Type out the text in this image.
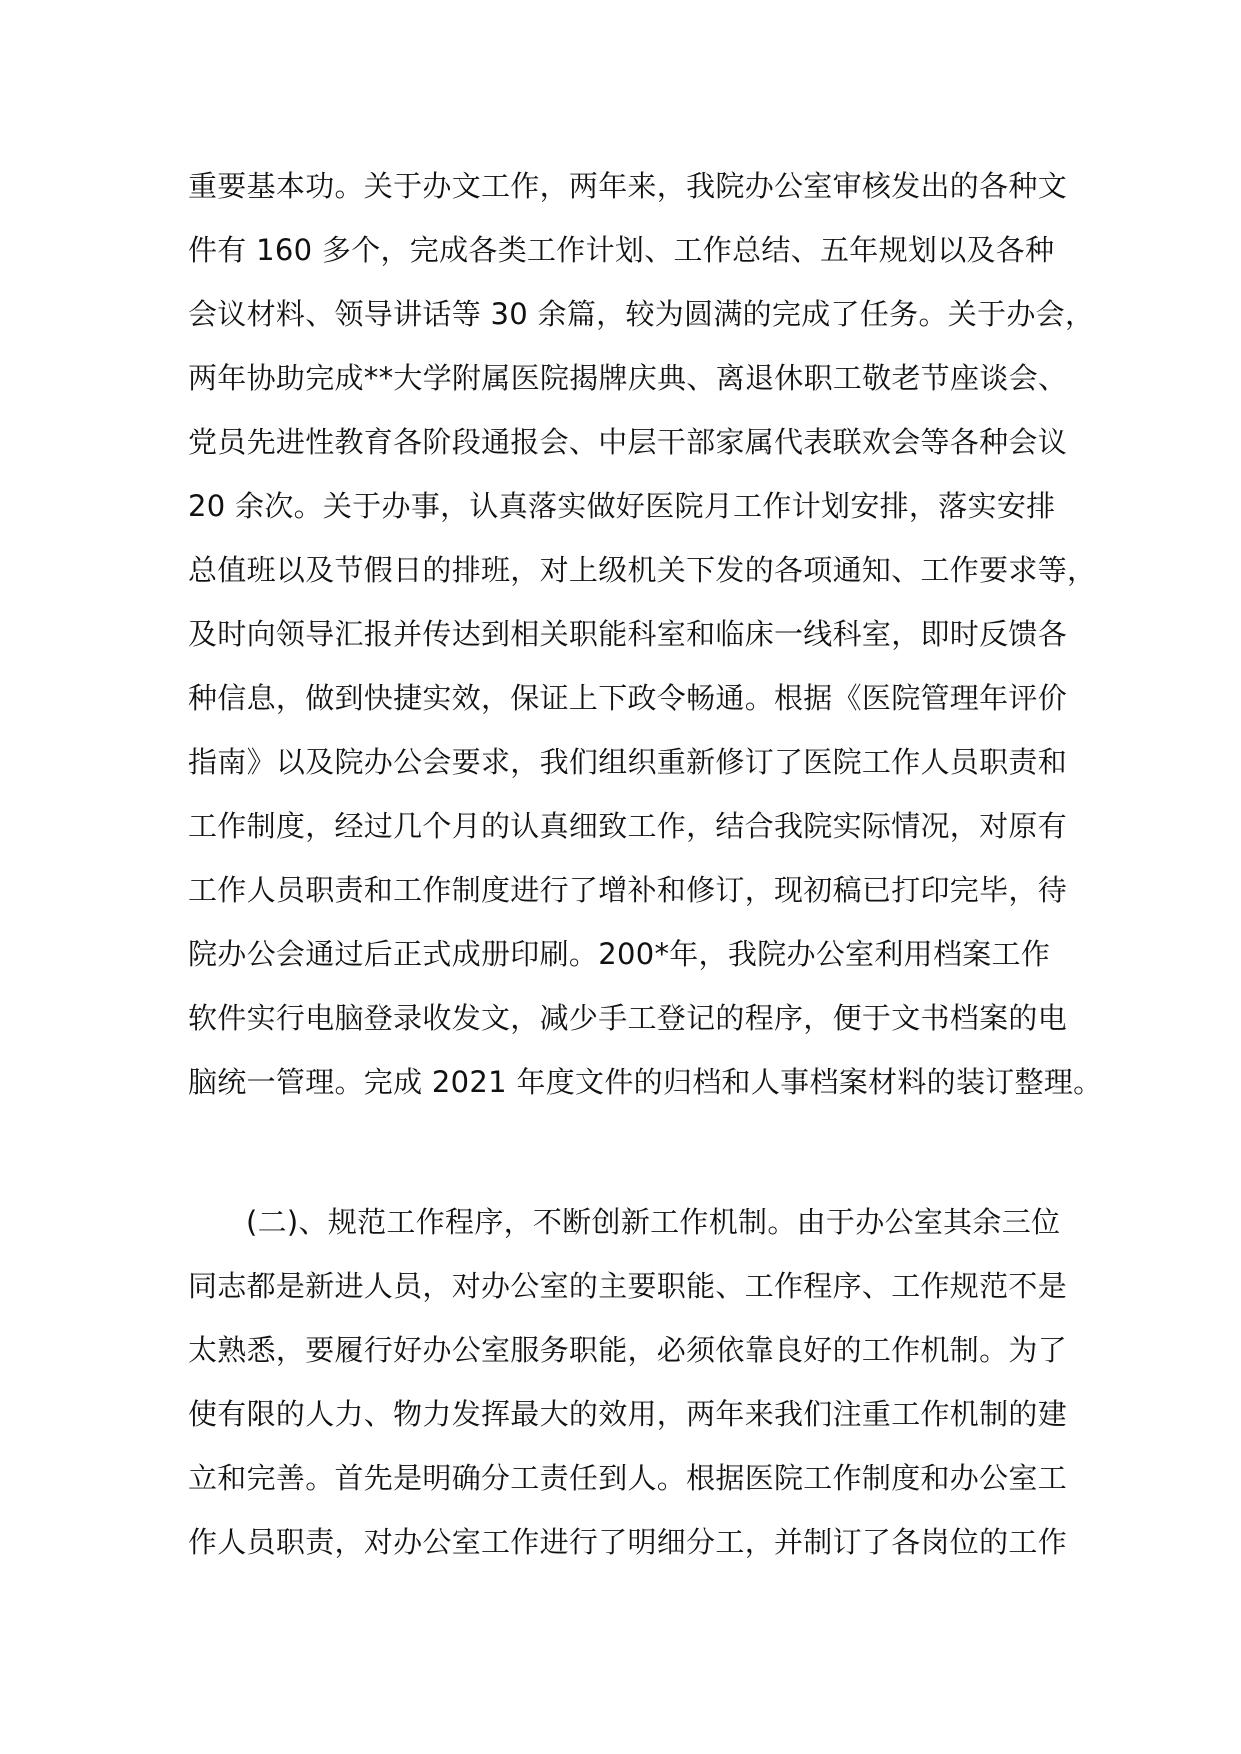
重要基本功。关于办文工作，两年来，我院办公室审核发出的各种文
件有 160 多个，完成各类工作计划、工作总结、五年规划以及各种
会议材料、领导讲话等 30 余篇，较为圆满的完成了任务。关于办会，
两年协助完成**大学附属医院揭牌庆典、离退休职工敬老节座谈会、
党员先进性教育各阶段通报会、中层干部家属代表联欢会等各种会议
20 余次。关于办事，认真落实做好医院月工作计划安排，落实安排
总值班以及节假日的排班，对上级机关下发的各项通知、工作要求等，
及时向领导汇报并传达到相关职能科室和临床一线科室，即时反馈各
种信息，做到快捷实效，保证上下政令畅通。根据《医院管理年评价
指南》以及院办公会要求，我们组织重新修订了医院工作人员职责和
工作制度，经过几个月的认真细致工作，结合我院实际情况，对原有
工作人员职责和工作制度进行了增补和修订，现初稿已打印完毕，待
院办公会通过后正式成册印刷。200*年，我院办公室利用档案工作
软件实行电脑登录收发文，减少手工登记的程序，便于文书档案的电
脑统一管理。完成 2021 年度文件的归档和人事档案材料的装订整理。
(二)、规范工作程序，不断创新工作机制。由于办公室其余三位
同志都是新进人员，对办公室的主要职能、工作程序、工作规范不是
太熟悉，要履行好办公室服务职能，必须依靠良好的工作机制。为了
使有限的人力、物力发挥最大的效用，两年来我们注重工作机制的建
立和完善。首先是明确分工责任到人。根据医院工作制度和办公室工
作人员职责，对办公室工作进行了明细分工，并制订了各岗位的工作
